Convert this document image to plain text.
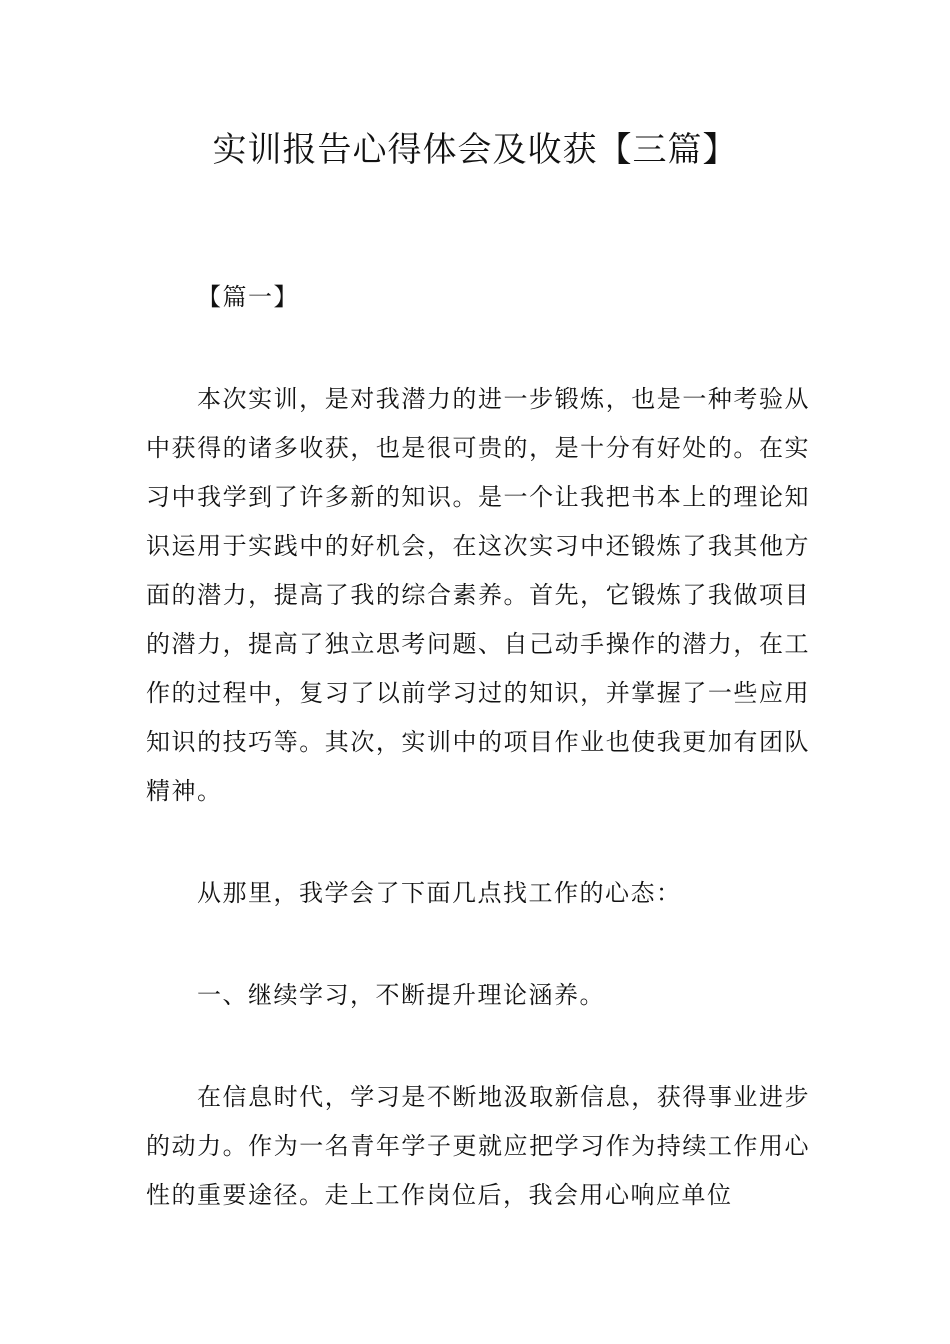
实训报告心得体会及收获【三篇】

【篇一】

本次实训，是对我潜力的进一步锻炼，也是一种考验从中获得的诸多收获，也是很可贵的，是十分有好处的。在实习中我学到了许多新的知识。是一个让我把书本上的理论知识运用于实践中的好机会，在这次实习中还锻炼了我其他方面的潜力，提高了我的综合素养。首先，它锻炼了我做项目的潜力，提高了独立思考问题、自己动手操作的潜力，在工作的过程中，复习了以前学习过的知识，并掌握了一些应用知识的技巧等。其次，实训中的项目作业也使我更加有团队精神。

从那里，我学会了下面几点找工作的心态：

一、继续学习，不断提升理论涵养。

在信息时代，学习是不断地汲取新信息，获得事业进步的动力。作为一名青年学子更就应把学习作为持续工作用心性的重要途径。走上工作岗位后，我会用心响应单位
